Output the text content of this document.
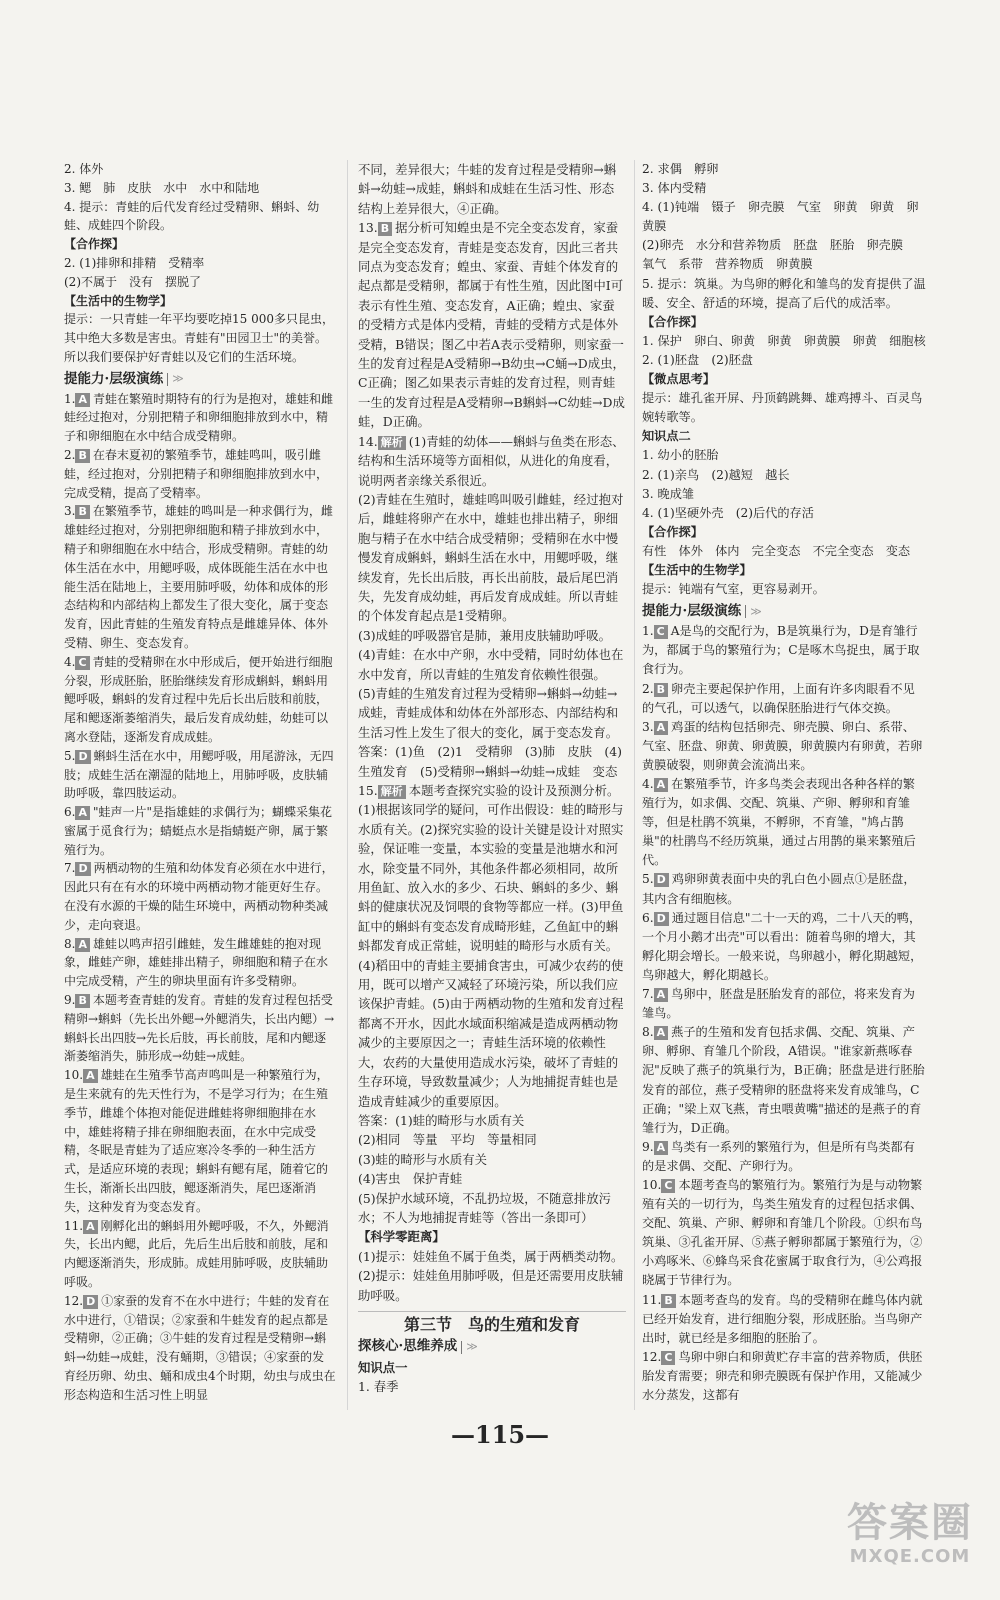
2. 体外

3. 鳃　肺　皮肤　水中　水中和陆地

4. 提示：青蛙的后代发育经过受精卵、蝌蚪、幼蛙、成蛙四个阶段。

【合作探】

2. (1)排卵和排精　受精率

(2)不属于　没有　摆脱了

【生活中的生物学】

提示：一只青蛙一年平均要吃掉15 000多只昆虫，其中绝大多数是害虫。青蛙有"田园卫士"的美誉。所以我们要保护好青蛙以及它们的生活环境。

提能力·层级演练 ≫

1. A 青蛙在繁殖时期特有的行为是抱对，雄蛙和雌蛙经过抱对，分别把精子和卵细胞排放到水中，精子和卵细胞在水中结合成受精卵。

2. B 在春末夏初的繁殖季节，雄蛙鸣叫，吸引雌蛙，经过抱对，分别把精子和卵细胞排放到水中，完成受精，提高了受精率。

3. B 在繁殖季节，雄蛙的鸣叫是一种求偶行为，雌雄蛙经过抱对，分别把卵细胞和精子排放到水中，精子和卵细胞在水中结合，形成受精卵。青蛙的幼体生活在水中，用鳃呼吸，成体既能生活在水中也能生活在陆地上，主要用肺呼吸，幼体和成体的形态结构和内部结构上都发生了很大变化，属于变态发育，因此青蛙的生殖发育特点是雌雄异体、体外受精、卵生、变态发育。

4. C 青蛙的受精卵在水中形成后，便开始进行细胞分裂，形成胚胎，胚胎继续发育形成蝌蚪，蝌蚪用鳃呼吸，蝌蚪的发育过程中先后长出后肢和前肢，尾和鳃逐渐萎缩消失，最后发育成幼蛙，幼蛙可以离水登陆，逐渐发育成成蛙。

5. D 蝌蚪生活在水中，用鳃呼吸，用尾游泳，无四肢；成蛙生活在潮湿的陆地上，用肺呼吸，皮肤辅助呼吸，靠四肢运动。

6. A "蛙声一片"是指雄蛙的求偶行为；蝴蝶采集花蜜属于觅食行为；蜻蜓点水是指蜻蜓产卵，属于繁殖行为。

7. D 两栖动物的生殖和幼体发育必须在水中进行，因此只有在有水的环境中两栖动物才能更好生存。在没有水源的干燥的陆生环境中，两栖动物种类减少，走向衰退。

8. A 雄蛙以鸣声招引雌蛙，发生雌雄蛙的抱对现象，雌蛙产卵，雄蛙排出精子，卵细胞和精子在水中完成受精，产生的卵块里面有许多受精卵。

9. B 本题考查青蛙的发育。青蛙的发育过程包括受精卵→蝌蚪（先长出外鳃→外鳃消失，长出内鳃）→蝌蚪长出四肢→先长后肢，再长前肢，尾和内鳃逐渐萎缩消失，肺形成→幼蛙→成蛙。

10. A 雄蛙在生殖季节高声鸣叫是一种繁殖行为，是生来就有的先天性行为，不是学习行为；在生殖季节，雌雄个体抱对能促进雌蛙将卵细胞排在水中，雄蛙将精子排在卵细胞表面，在水中完成受精，冬眠是青蛙为了适应寒冷冬季的一种生活方式，是适应环境的表现；蝌蚪有鳃有尾，随着它的生长，渐渐长出四肢，鳃逐渐消失，尾巴逐渐消失，这种发育为变态发育。

11. A 刚孵化出的蝌蚪用外鳃呼吸，不久，外鳃消失，长出内鳃，此后，先后生出后肢和前肢，尾和内鳃逐渐消失，形成肺。成蛙用肺呼吸，皮肤辅助呼吸。

12. D ①家蚕的发育不在水中进行；牛蛙的发育在水中进行，①错误；②家蚕和牛蛙发育的起点都是受精卵，②正确；③牛蛙的发育过程是受精卵→蝌蚪→幼蛙→成蛙，没有蛹期，③错误；④家蚕的发育经历卵、幼虫、蛹和成虫4个时期，幼虫与成虫在形态构造和生活习性上明显

不同，差异很大；牛蛙的发育过程是受精卵→蝌蚪→幼蛙→成蛙，蝌蚪和成蛙在生活习性、形态结构上差异很大，④正确。

13. B 据分析可知蝗虫是不完全变态发育，家蚕是完全变态发育，青蛙是变态发育，因此三者共同点为变态发育；蝗虫、家蚕、青蛙个体发育的起点都是受精卵，都属于有性生殖，因此图中Ⅰ可表示有性生殖、变态发育，A正确；蝗虫、家蚕的受精方式是体内受精，青蛙的受精方式是体外受精，B错误；图乙中若A表示受精卵，则家蚕一生的发育过程是A受精卵→B幼虫→C蛹→D成虫，C正确；图乙如果表示青蛙的发育过程，则青蛙一生的发育过程是A受精卵→B蝌蚪→C幼蛙→D成蛙，D正确。

14. 解析 (1)青蛙的幼体——蝌蚪与鱼类在形态、结构和生活环境等方面相似，从进化的角度看，说明两者亲缘关系很近。

(2)青蛙在生殖时，雄蛙鸣叫吸引雌蛙，经过抱对后，雌蛙将卵产在水中，雄蛙也排出精子，卵细胞与精子在水中结合成受精卵；受精卵在水中慢慢发育成蝌蚪，蝌蚪生活在水中，用鳃呼吸，继续发育，先长出后肢，再长出前肢，最后尾巴消失，先发育成幼蛙，再后发育成成蛙。所以青蛙的个体发育起点是1受精卵。

(3)成蛙的呼吸器官是肺，兼用皮肤辅助呼吸。

(4)青蛙：在水中产卵，水中受精，同时幼体也在水中发育，所以青蛙的生殖发育依赖性很强。

(5)青蛙的生殖发育过程为受精卵→蝌蚪→幼蛙→成蛙，青蛙成体和幼体在外部形态、内部结构和生活习性上发生了很大的变化，属于变态发育。

答案：(1)鱼　(2)1　受精卵　(3)肺　皮肤　(4)生殖发育　(5)受精卵→蝌蚪→幼蛙→成蛙　变态

15. 解析 本题考查探究实验的设计及预测分析。

(1)根据该同学的疑问，可作出假设：蛙的畸形与水质有关。(2)探究实验的设计关键是设计对照实验，保证唯一变量，本实验的变量是池塘水和河水，除变量不同外，其他条件都必须相同，故所用鱼缸、放入水的多少、石块、蝌蚪的多少、蝌蚪的健康状况及饲喂的食物等都应一样。(3)甲鱼缸中的蝌蚪有变态发育成畸形蛙，乙鱼缸中的蝌蚪都发育成正常蛙，说明蛙的畸形与水质有关。(4)稻田中的青蛙主要捕食害虫，可减少农药的使用，既可以增产又减轻了环境污染，所以我们应该保护青蛙。(5)由于两栖动物的生殖和发育过程都离不开水，因此水域面积缩减是造成两栖动物减少的主要原因之一；青蛙生活环境的依赖性大，农药的大量使用造成水污染，破坏了青蛙的生存环境，导致数量减少；人为地捕捉青蛙也是造成青蛙减少的重要原因。

答案：(1)蛙的畸形与水质有关

(2)相同　等量　平均　等量相同

(3)蛙的畸形与水质有关

(4)害虫　保护青蛙

(5)保护水域环境，不乱扔垃圾，不随意排放污水；不人为地捕捉青蛙等（答出一条即可）

【科学零距离】

(1)提示：娃娃鱼不属于鱼类，属于两栖类动物。

(2)提示：娃娃鱼用肺呼吸，但是还需要用皮肤辅助呼吸。

第三节　鸟的生殖和发育
探核心·思维养成 ≫

知识点一

1. 春季

2. 求偶　孵卵

3. 体内受精

4. (1)钝端　镊子　卵壳膜　气室　卵黄　卵黄　卵黄膜

(2)卵壳　水分和营养物质　胚盘　胚胎　卵壳膜　氧气　系带　营养物质　卵黄膜

5. 提示：筑巢。为鸟卵的孵化和雏鸟的发育提供了温暖、安全、舒适的环境，提高了后代的成活率。

【合作探】

1. 保护　卵白、卵黄　卵黄　卵黄膜　卵黄　细胞核

2. (1)胚盘　(2)胚盘

【微点思考】

提示：雄孔雀开屏、丹顶鹤跳舞、雄鸡搏斗、百灵鸟婉转歌等。

知识点二

1. 幼小的胚胎

2. (1)亲鸟　(2)越短　越长

3. 晚成雏

4. (1)坚硬外壳　(2)后代的存活

【合作探】

有性　体外　体内　完全变态　不完全变态　变态

【生活中的生物学】

提示：钝端有气室，更容易剥开。

提能力·层级演练 ≫

1. C A是鸟的交配行为，B是筑巢行为，D是育雏行为，都属于鸟的繁殖行为；C是啄木鸟捉虫，属于取食行为。

2. B 卵壳主要起保护作用，上面有许多肉眼看不见的气孔，可以透气，以确保胚胎进行气体交换。

3. A 鸡蛋的结构包括卵壳、卵壳膜、卵白、系带、气室、胚盘、卵黄、卵黄膜，卵黄膜内有卵黄，若卵黄膜破裂，则卵黄会流淌出来。

4. A 在繁殖季节，许多鸟类会表现出各种各样的繁殖行为，如求偶、交配、筑巢、产卵、孵卵和育雏等，但是杜鹃不筑巢，不孵卵，不育雏，"鸠占鹊巢"的杜鹃鸟不经历筑巢，通过占用鹊的巢来繁殖后代。

5. D 鸡卵卵黄表面中央的乳白色小圆点①是胚盘，其内含有细胞核。

6. D 通过题目信息"二十一天的鸡，二十八天的鸭，一个月小鹅才出壳"可以看出：随着鸟卵的增大，其孵化期会增长。一般来说，鸟卵越小，孵化期越短，鸟卵越大，孵化期越长。

7. A 鸟卵中，胚盘是胚胎发育的部位，将来发育为雏鸟。

8. A 燕子的生殖和发育包括求偶、交配、筑巢、产卵、孵卵、育雏几个阶段，A错误。"谁家新燕啄春泥"反映了燕子的筑巢行为，B正确；胚盘是进行胚胎发育的部位，燕子受精卵的胚盘将来发育成雏鸟，C正确；"梁上双飞燕，青虫喂黄嘴"描述的是燕子的育雏行为，D正确。

9. A 鸟类有一系列的繁殖行为，但是所有鸟类都有的是求偶、交配、产卵行为。

10. C 本题考查鸟的繁殖行为。繁殖行为是与动物繁殖有关的一切行为，鸟类生殖发育的过程包括求偶、交配、筑巢、产卵、孵卵和育雏几个阶段。①织布鸟筑巢、③孔雀开屏、⑤燕子孵卵都属于繁殖行为，②小鸡啄米、⑥蜂鸟采食花蜜属于取食行为，④公鸡报晓属于节律行为。

11. B 本题考查鸟的发育。鸟的受精卵在雌鸟体内就已经开始发育，进行细胞分裂，形成胚胎。当鸟卵产出时，就已经是多细胞的胚胎了。

12. C 鸟卵中卵白和卵黄贮存丰富的营养物质，供胚胎发育需要；卵壳和卵壳膜既有保护作用，又能减少水分蒸发，这都有

—115—
答案圈
MXQE.COM
